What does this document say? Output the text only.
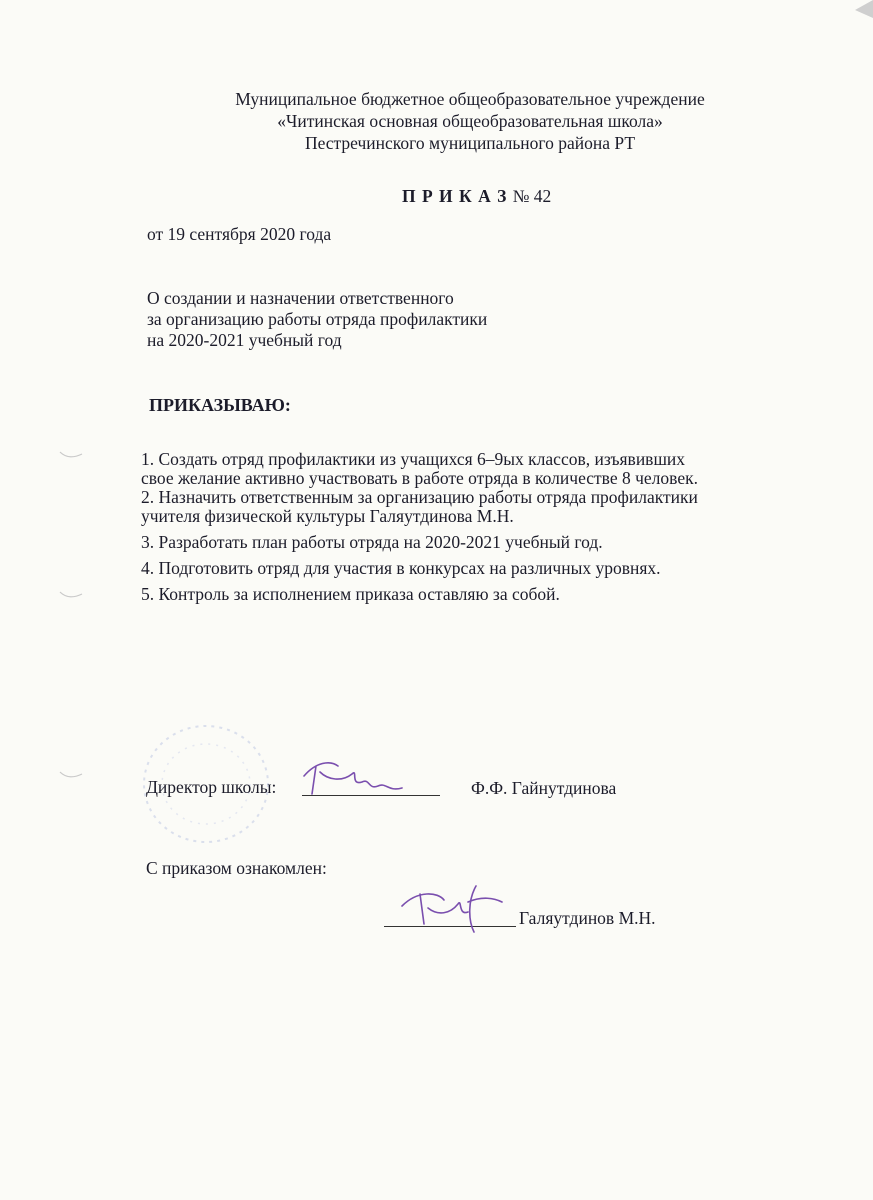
Муниципальное бюджетное общеобразовательное учреждение
«Читинская основная общеобразовательная школа»
Пестречинского муниципального района РТ
П Р И К А З № 42
от 19 сентября 2020 года
О создании и назначении ответственного
за организацию работы отряда профилактики
на 2020-2021 учебный год
ПРИКАЗЫВАЮ:
1. Создать отряд профилактики из учащихся 6–9ых классов, изъявивших
свое желание активно участвовать в работе отряда в количестве 8 человек.
2. Назначить ответственным за организацию работы отряда профилактики
учителя физической культуры Галяутдинова М.Н.
3. Разработать план работы отряда на 2020-2021 учебный год.
4. Подготовить отряд для участия в конкурсах на различных уровнях.
5. Контроль за исполнением приказа оставляю за собой.
Директор школы:	Ф.Ф. Гайнутдинова
С приказом ознакомлен:
Галяутдинов М.Н.
